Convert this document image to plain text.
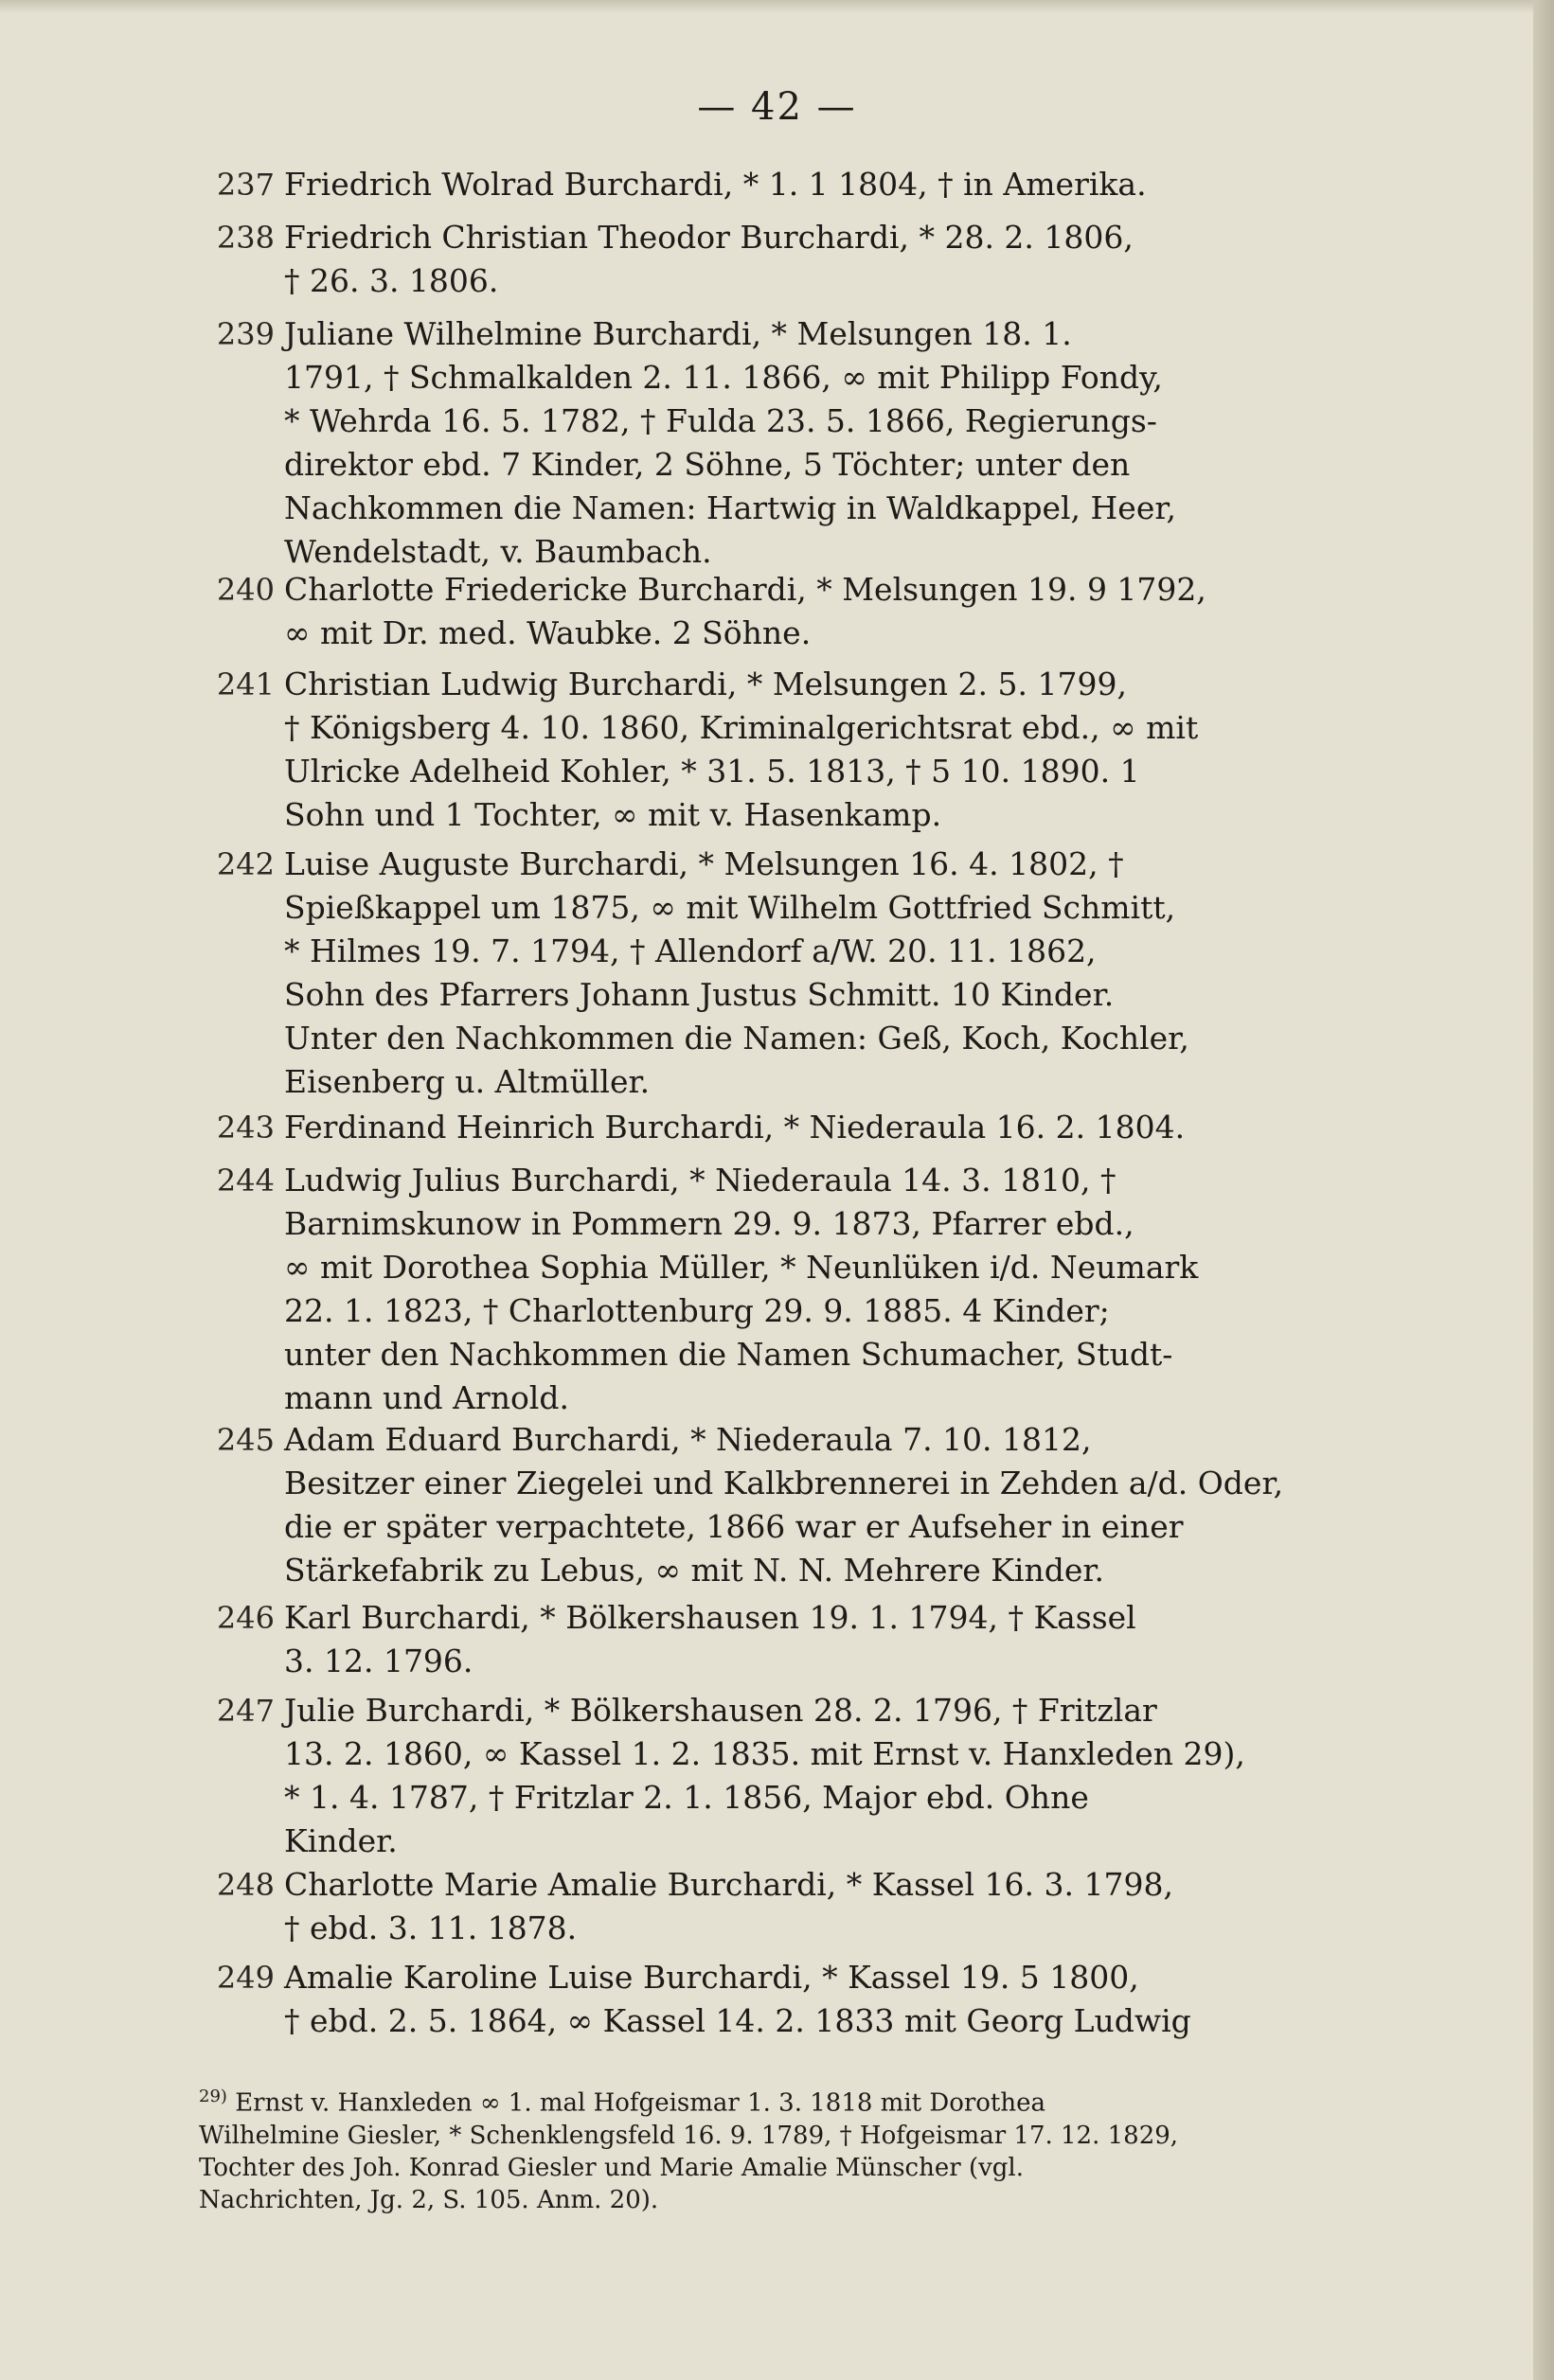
— 42 —
237 Friedrich Wolrad Burchardi, * 1. 1 1804, † in Amerika.
238 Friedrich Christian Theodor Burchardi, * 28. 2. 1806,
† 26. 3. 1806.
239 Juliane Wilhelmine Burchardi, * Melsungen 18. 1.
1791, † Schmalkalden 2. 11. 1866, ∞ mit Philipp Fondy,
* Wehrda 16. 5. 1782, † Fulda 23. 5. 1866, Regierungs-
direktor ebd. 7 Kinder, 2 Söhne, 5 Töchter; unter den
Nachkommen die Namen: Hartwig in Waldkappel, Heer,
Wendelstadt, v. Baumbach.
240 Charlotte Friedericke Burchardi, * Melsungen 19. 9 1792,
∞ mit Dr. med. Waubke. 2 Söhne.
241 Christian Ludwig Burchardi, * Melsungen 2. 5. 1799,
† Königsberg 4. 10. 1860, Kriminalgerichtsrat ebd., ∞ mit
Ulricke Adelheid Kohler, * 31. 5. 1813, † 5 10. 1890. 1
Sohn und 1 Tochter, ∞ mit v. Hasenkamp.
242 Luise Auguste Burchardi, * Melsungen 16. 4. 1802, †
Spießkappel um 1875, ∞ mit Wilhelm Gottfried Schmitt,
* Hilmes 19. 7. 1794, † Allendorf a/W. 20. 11. 1862,
Sohn des Pfarrers Johann Justus Schmitt. 10 Kinder.
Unter den Nachkommen die Namen: Geß, Koch, Kochler,
Eisenberg u. Altmüller.
243 Ferdinand Heinrich Burchardi, * Niederaula 16. 2. 1804.
244 Ludwig Julius Burchardi, * Niederaula 14. 3. 1810, †
Barnimskunow in Pommern 29. 9. 1873, Pfarrer ebd.,
∞ mit Dorothea Sophia Müller, * Neunlüken i/d. Neumark
22. 1. 1823, † Charlottenburg 29. 9. 1885. 4 Kinder;
unter den Nachkommen die Namen Schumacher, Studt-
mann und Arnold.
245 Adam Eduard Burchardi, * Niederaula 7. 10. 1812,
Besitzer einer Ziegelei und Kalkbrennerei in Zehden a/d. Oder,
die er später verpachtete, 1866 war er Aufseher in einer
Stärkefabrik zu Lebus, ∞ mit N. N. Mehrere Kinder.
246 Karl Burchardi, * Bölkershausen 19. 1. 1794, † Kassel
3. 12. 1796.
247 Julie Burchardi, * Bölkershausen 28. 2. 1796, † Fritzlar
13. 2. 1860, ∞ Kassel 1. 2. 1835. mit Ernst v. Hanxleden 29),
* 1. 4. 1787, † Fritzlar 2. 1. 1856, Major ebd. Ohne
Kinder.
248 Charlotte Marie Amalie Burchardi, * Kassel 16. 3. 1798,
† ebd. 3. 11. 1878.
249 Amalie Karoline Luise Burchardi, * Kassel 19. 5 1800,
† ebd. 2. 5. 1864, ∞ Kassel 14. 2. 1833 mit Georg Ludwig
$^{29)}$ Ernst v. Hanxleden ∞ 1. mal Hofgeismar 1. 3. 1818 mit Dorothea
Wilhelmine Giesler, * Schenklengsfeld 16. 9. 1789, † Hofgeismar 17. 12. 1829,
Tochter des Joh. Konrad Giesler und Marie Amalie Münscher (vgl.
Nachrichten, Jg. 2, S. 105. Anm. 20).
